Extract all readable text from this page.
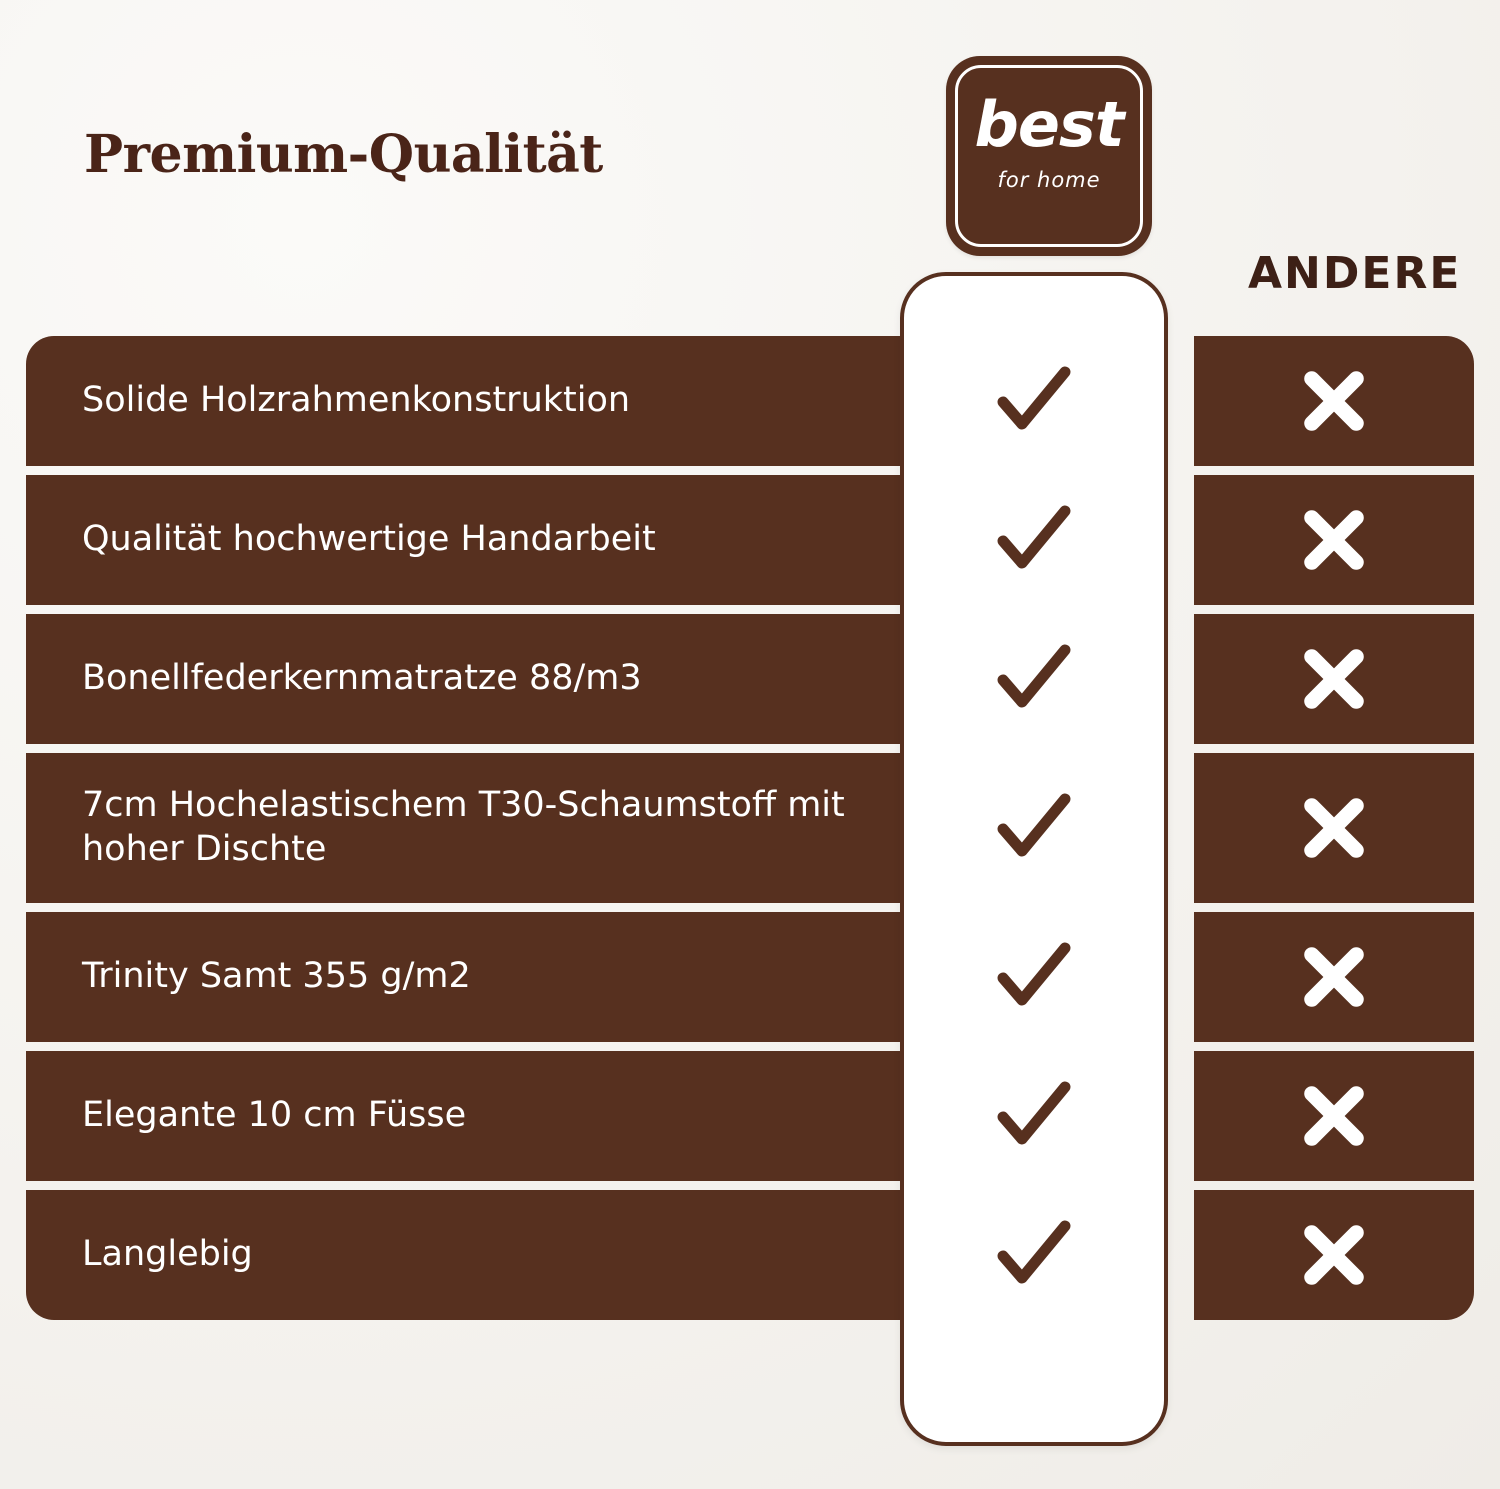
Premium-Qualität	best
for home
ANDERE
Solide Holzrahmenkonstruktion
Qualität hochwertige Handarbeit
Bonellfederkernmatratze 88/m3
7cm Hochelastischem T30-Schaumstoff mit hoher Dischte
Trinity Samt 355 g/m2
Elegante 10 cm Füsse
Langlebig
